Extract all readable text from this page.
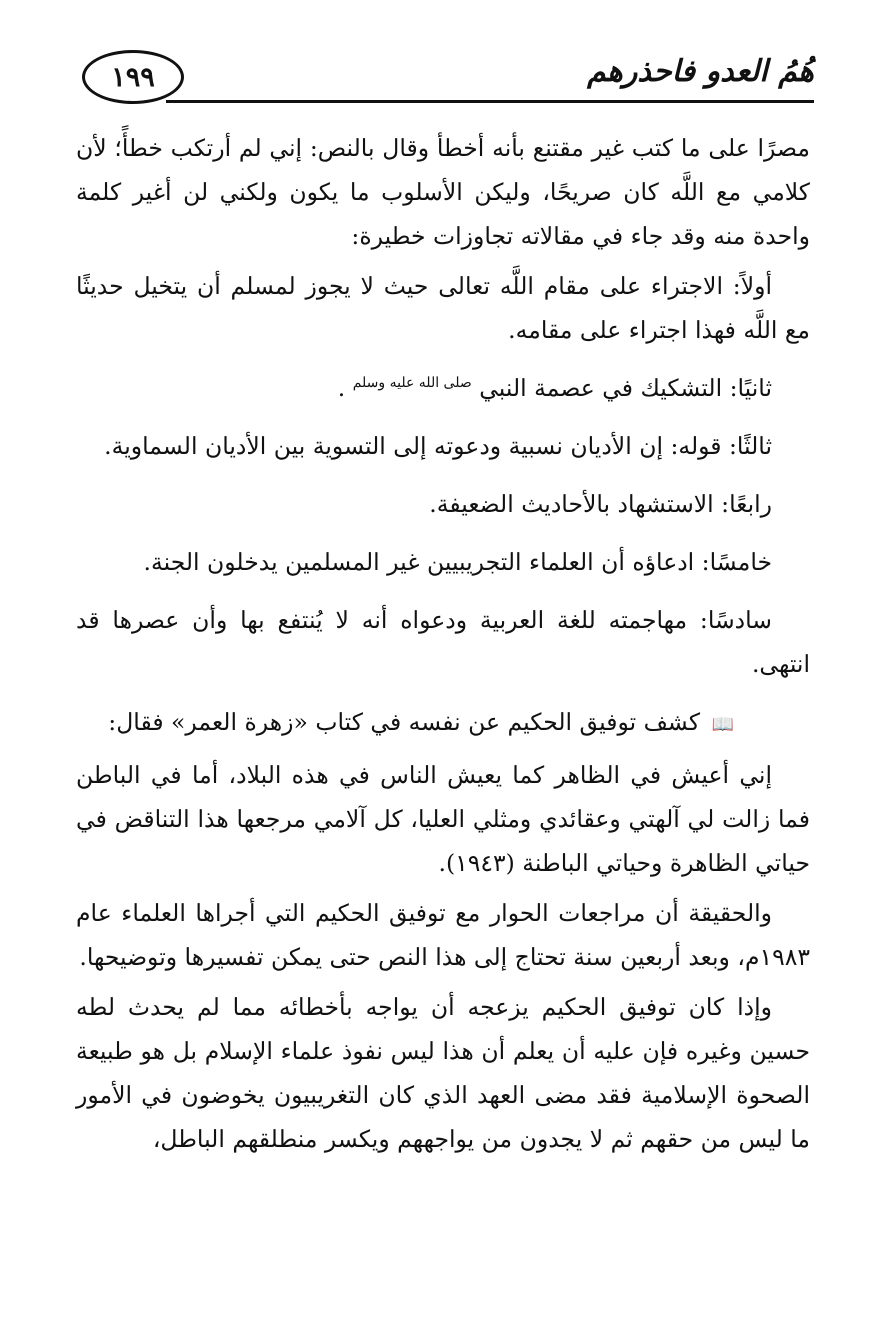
١٩٩	هُمُ العدو فاحذرهم

مصرًا على ما كتب غير مقتنع بأنه أخطأ وقال بالنص: إني لم أرتكب خطأً؛ لأن كلامي مع اللَّه كان صريحًا، وليكن الأسلوب ما يكون ولكني لن أغير كلمة واحدة منه وقد جاء في مقالاته تجاوزات خطيرة:

أولاً: الاجتراء على مقام اللَّه تعالى حيث لا يجوز لمسلم أن يتخيل حديثًا مع اللَّه فهذا اجتراء على مقامه.

ثانيًا: التشكيك في عصمة النبي $^{صلى الله عليه وسلم}$ .

ثالثًا: قوله: إن الأديان نسبية ودعوته إلى التسوية بين الأديان السماوية.

رابعًا: الاستشهاد بالأحاديث الضعيفة.

خامسًا: ادعاؤه أن العلماء التجريبيين غير المسلمين يدخلون الجنة.

سادسًا: مهاجمته للغة العربية ودعواه أنه لا يُنتفع بها وأن عصرها قد انتهى.

📖 كشف توفيق الحكيم عن نفسه في كتاب «زهرة العمر» فقال:

إني أعيش في الظاهر كما يعيش الناس في هذه البلاد، أما في الباطن فما زالت لي آلهتي وعقائدي ومثلي العليا، كل آلامي مرجعها هذا التناقض في حياتي الظاهرة وحياتي الباطنة (١٩٤٣).

والحقيقة أن مراجعات الحوار مع توفيق الحكيم التي أجراها العلماء عام ١٩٨٣م، وبعد أربعين سنة تحتاج إلى هذا النص حتى يمكن تفسيرها وتوضيحها.

وإذا كان توفيق الحكيم يزعجه أن يواجه بأخطائه مما لم يحدث لطه حسين وغيره فإن عليه أن يعلم أن هذا ليس نفوذ علماء الإسلام بل هو طبيعة الصحوة الإسلامية فقد مضى العهد الذي كان التغريبيون يخوضون في الأمور ما ليس من حقهم ثم لا يجدون من يواجههم ويكسر منطلقهم الباطل،
